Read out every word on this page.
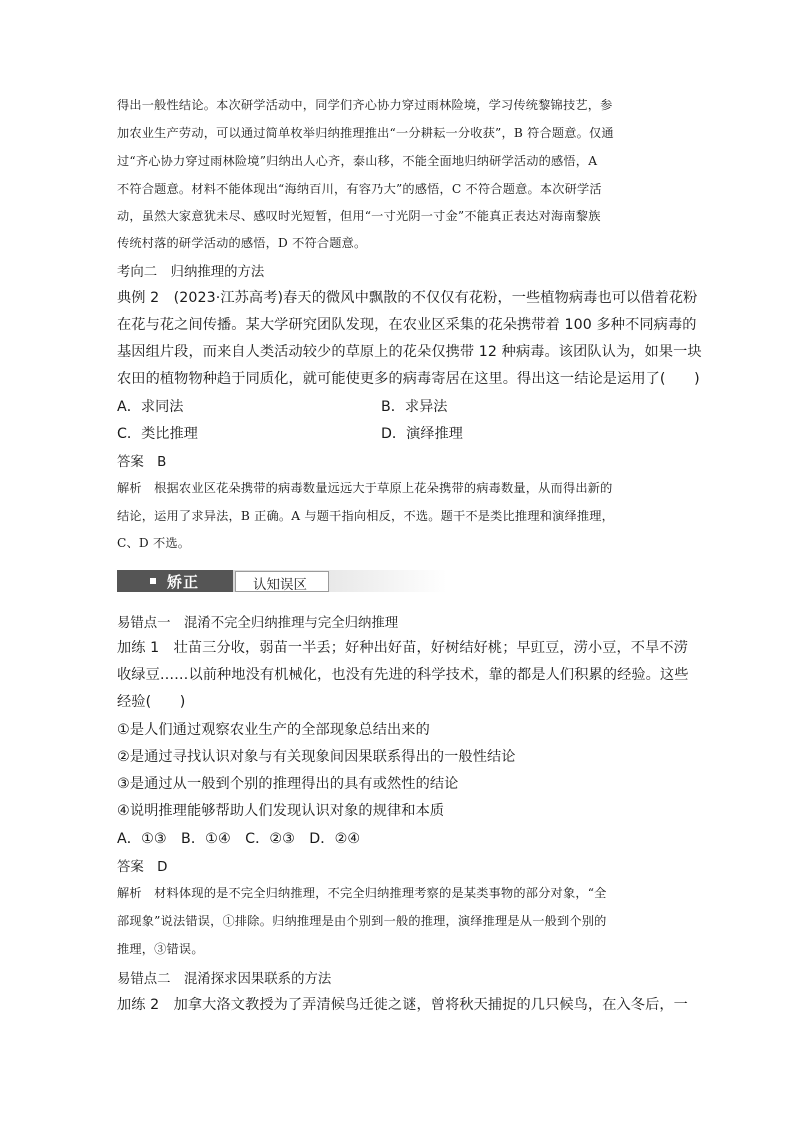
得出一般性结论。本次研学活动中，同学们齐心协力穿过雨林险境，学习传统黎锦技艺，参
加农业生产劳动，可以通过简单枚举归纳推理推出“一分耕耘一分收获”，B 符合题意。仅通
过“齐心协力穿过雨林险境”归纳出人心齐，泰山移，不能全面地归纳研学活动的感悟，A
不符合题意。材料不能体现出“海纳百川，有容乃大”的感悟，C 不符合题意。本次研学活
动，虽然大家意犹未尽、感叹时光短暂，但用“一寸光阴一寸金”不能真正表达对海南黎族
传统村落的研学活动的感悟，D 不符合题意。
考向二　归纳推理的方法
典例 2　(2023·江苏高考)春天的微风中飘散的不仅仅有花粉，一些植物病毒也可以借着花粉
在花与花之间传播。某大学研究团队发现，在农业区采集的花朵携带着 100 多种不同病毒的
基因组片段，而来自人类活动较少的草原上的花朵仅携带 12 种病毒。该团队认为，如果一块
农田的植物物种趋于同质化，就可能使更多的病毒寄居在这里。得出这一结论是运用了(　　)
A．求同法	B．求异法
C．类比推理	D．演绎推理
答案　B
解析　根据农业区花朵携带的病毒数量远远大于草原上花朵携带的病毒数量，从而得出新的
结论，运用了求异法，B 正确。A 与题干指向相反，不选。题干不是类比推理和演绎推理，
C、D 不选。
矫正	认知误区
易错点一　混淆不完全归纳推理与完全归纳推理
加练 1　壮苗三分收，弱苗一半丢；好种出好苗，好树结好桃；早豇豆，涝小豆，不旱不涝
收绿豆……以前种地没有机械化，也没有先进的科学技术，靠的都是人们积累的经验。这些
经验(　　)
①是人们通过观察农业生产的全部现象总结出来的
②是通过寻找认识对象与有关现象间因果联系得出的一般性结论
③是通过从一般到个别的推理得出的具有或然性的结论
④说明推理能够帮助人们发现认识对象的规律和本质
A．①③　B．①④　C．②③　D．②④
答案　D
解析　材料体现的是不完全归纳推理，不完全归纳推理考察的是某类事物的部分对象，“全
部现象”说法错误，①排除。归纳推理是由个别到一般的推理，演绎推理是从一般到个别的
推理，③错误。
易错点二　混淆探求因果联系的方法
加练 2　加拿大洛文教授为了弄清候鸟迁徙之谜，曾将秋天捕捉的几只候鸟，在入冬后，一
